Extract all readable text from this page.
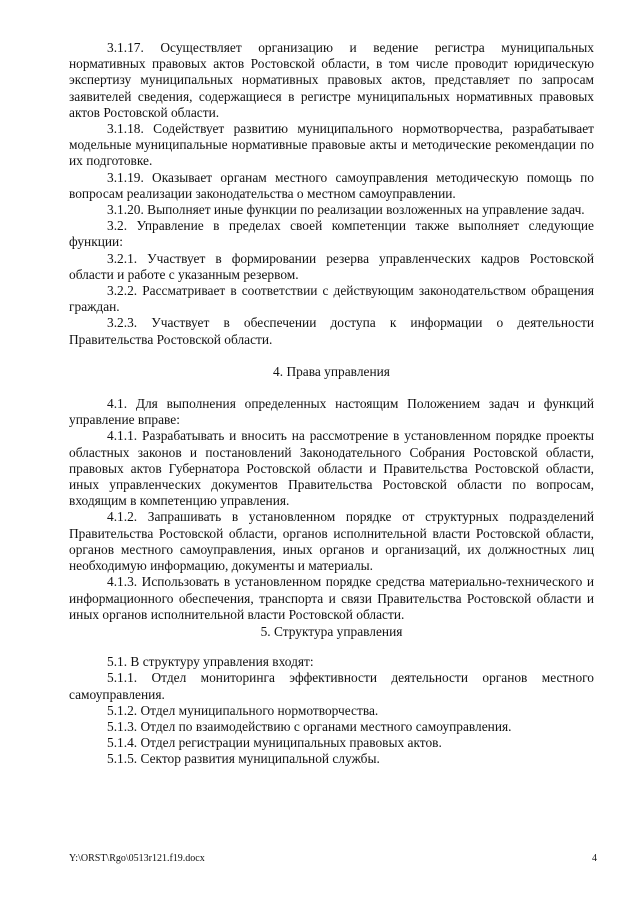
3.1.17. Осуществляет организацию и ведение регистра муниципальных нормативных правовых актов Ростовской области, в том числе проводит юридическую экспертизу муниципальных нормативных правовых актов, представляет по запросам заявителей сведения, содержащиеся в регистре муниципальных нормативных правовых актов Ростовской области.

3.1.18. Содействует развитию муниципального нормотворчества, разрабатывает модельные муниципальные нормативные правовые акты и методические рекомендации по их подготовке.

3.1.19. Оказывает органам местного самоуправления методическую помощь по вопросам реализации законодательства о местном самоуправлении.

3.1.20. Выполняет иные функции по реализации возложенных на управление задач.

3.2. Управление в пределах своей компетенции также выполняет следующие функции:

3.2.1. Участвует в формировании резерва управленческих кадров Ростовской области и работе с указанным резервом.

3.2.2. Рассматривает в соответствии с действующим законодательством обращения граждан.

3.2.3. Участвует в обеспечении доступа к информации о деятельности Правительства Ростовской области.

4. Права управления

4.1. Для выполнения определенных настоящим Положением задач и функций управление вправе:

4.1.1. Разрабатывать и вносить на рассмотрение в установленном порядке проекты областных законов и постановлений Законодательного Собрания Ростовской области, правовых актов Губернатора Ростовской области и Правительства Ростовской области, иных управленческих документов Правительства Ростовской области по вопросам, входящим в компетенцию управления.

4.1.2. Запрашивать в установленном порядке от структурных подразделений Правительства Ростовской области, органов исполнительной власти Ростовской области, органов местного самоуправления, иных органов и организаций, их должностных лиц необходимую информацию, документы и материалы.

4.1.3. Использовать в установленном порядке средства материально-технического и информационного обеспечения, транспорта и связи Правительства Ростовской области и иных органов исполнительной власти Ростовской области.

5. Структура управления

5.1. В структуру управления входят:

5.1.1. Отдел мониторинга эффективности деятельности органов местного самоуправления.

5.1.2. Отдел муниципального нормотворчества.

5.1.3. Отдел по взаимодействию с органами местного самоуправления.

5.1.4. Отдел регистрации муниципальных правовых актов.

5.1.5. Сектор развития муниципальной службы.

Y:\ORST\Rgo\0513r121.f19.docx	4
